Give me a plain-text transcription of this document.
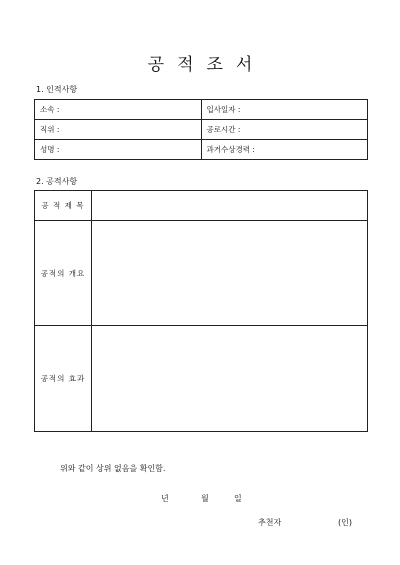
공적조서
1. 인적사항
소속 :	입사일자 :
직위 :	공로시간 :
성명 :	과거수상경력 :
2. 공적사항
공 적 제 목	
공적의 개요	
공적의 효과	
위와 같이 상위 없음을 확인함.
년	월	일
추천자	(인)
